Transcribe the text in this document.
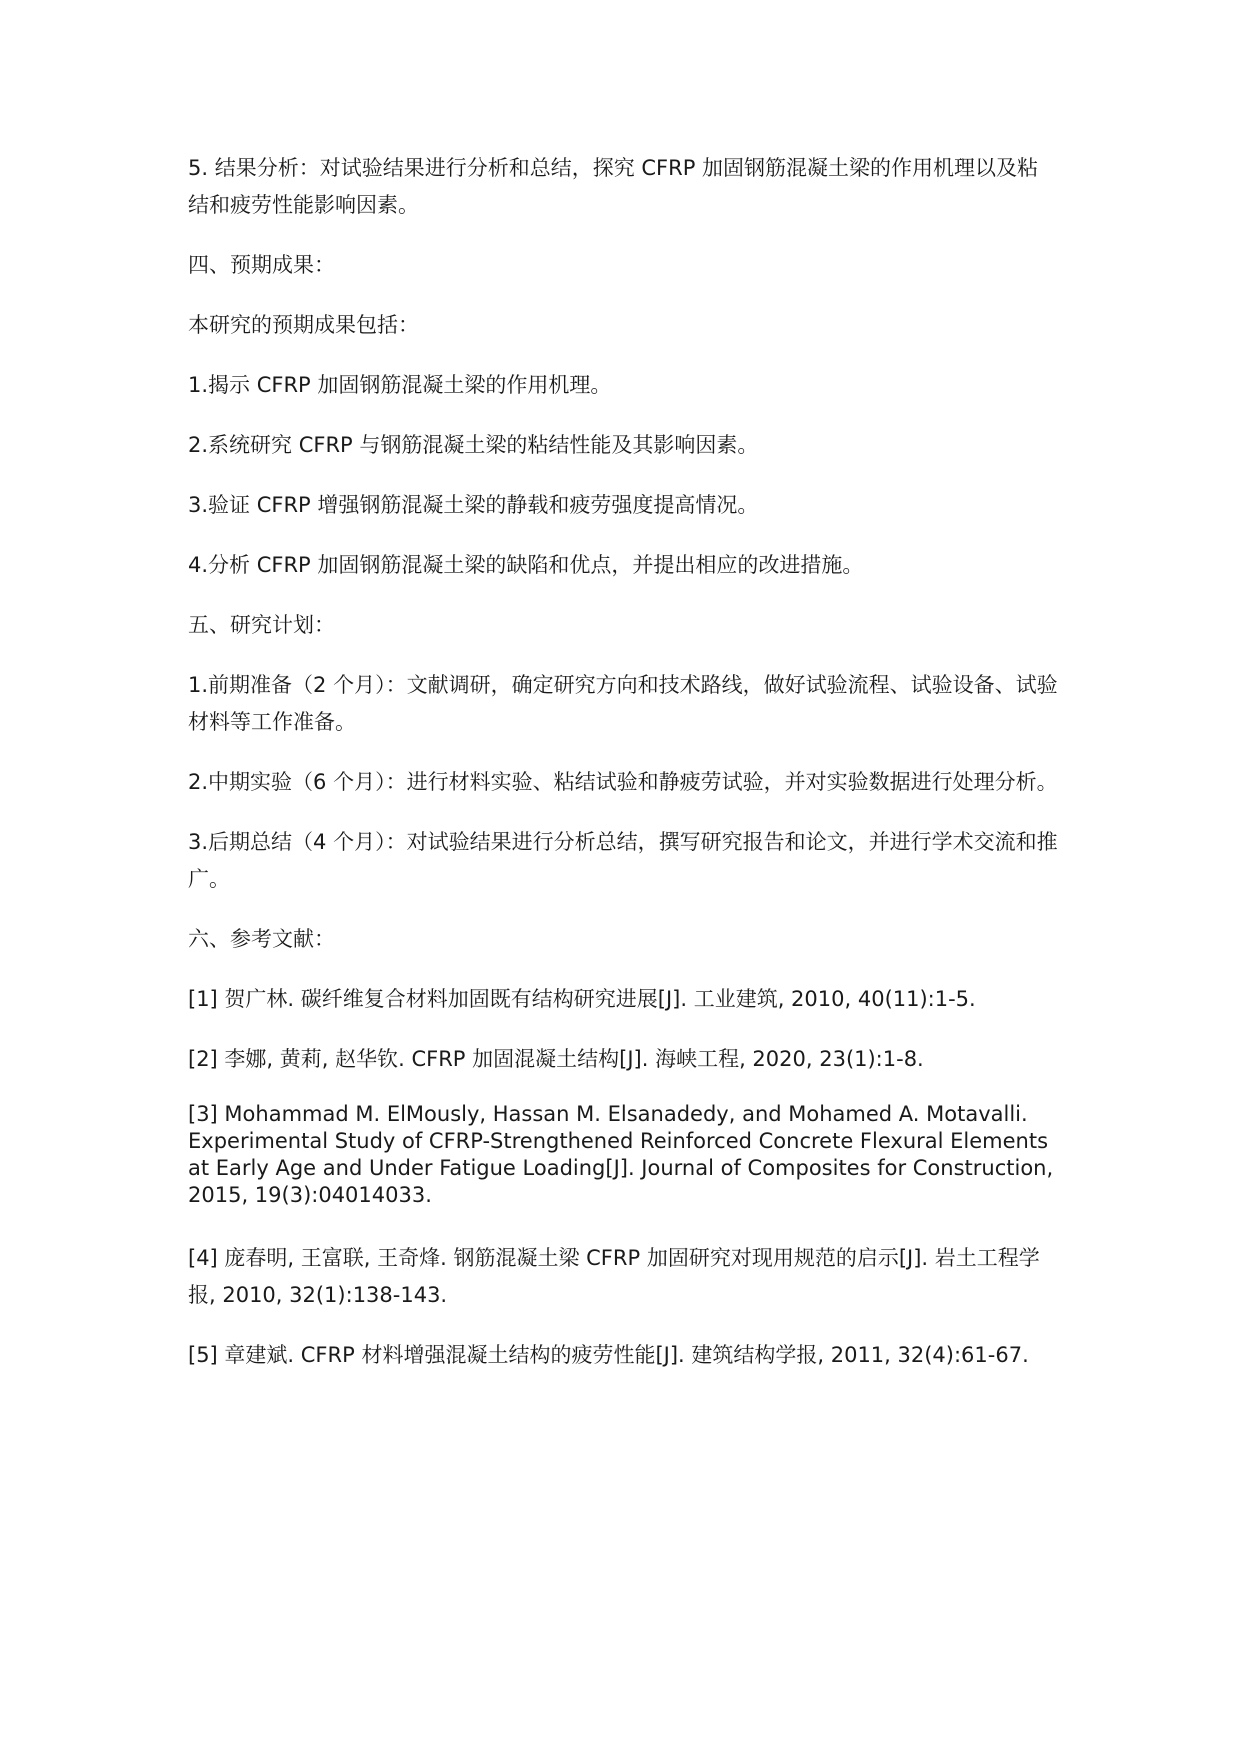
5. 结果分析：对试验结果进行分析和总结，探究 CFRP 加固钢筋混凝土梁的作用机理以及粘结和疲劳性能影响因素。

四、预期成果：

本研究的预期成果包括：

1.揭示 CFRP 加固钢筋混凝土梁的作用机理。

2.系统研究 CFRP 与钢筋混凝土梁的粘结性能及其影响因素。

3.验证 CFRP 增强钢筋混凝土梁的静载和疲劳强度提高情况。

4.分析 CFRP 加固钢筋混凝土梁的缺陷和优点，并提出相应的改进措施。

五、研究计划：

1.前期准备（2 个月）：文献调研，确定研究方向和技术路线，做好试验流程、试验设备、试验材料等工作准备。

2.中期实验（6 个月）：进行材料实验、粘结试验和静疲劳试验，并对实验数据进行处理分析。

3.后期总结（4 个月）：对试验结果进行分析总结，撰写研究报告和论文，并进行学术交流和推广。

六、参考文献：

[1] 贺广林. 碳纤维复合材料加固既有结构研究进展[J]. 工业建筑, 2010, 40(11):1-5.

[2] 李娜, 黄莉, 赵华钦. CFRP 加固混凝土结构[J]. 海峡工程, 2020, 23(1):1-8.

[3] Mohammad M. ElMously, Hassan M. Elsanadedy, and Mohamed A. Motavalli. Experimental Study of CFRP-Strengthened Reinforced Concrete Flexural Elements at Early Age and Under Fatigue Loading[J]. Journal of Composites for Construction, 2015, 19(3):04014033.

[4] 庞春明, 王富联, 王奇烽. 钢筋混凝土梁 CFRP 加固研究对现用规范的启示[J]. 岩土工程学报, 2010, 32(1):138-143.

[5] 章建斌. CFRP 材料增强混凝土结构的疲劳性能[J]. 建筑结构学报, 2011, 32(4):61-67.
